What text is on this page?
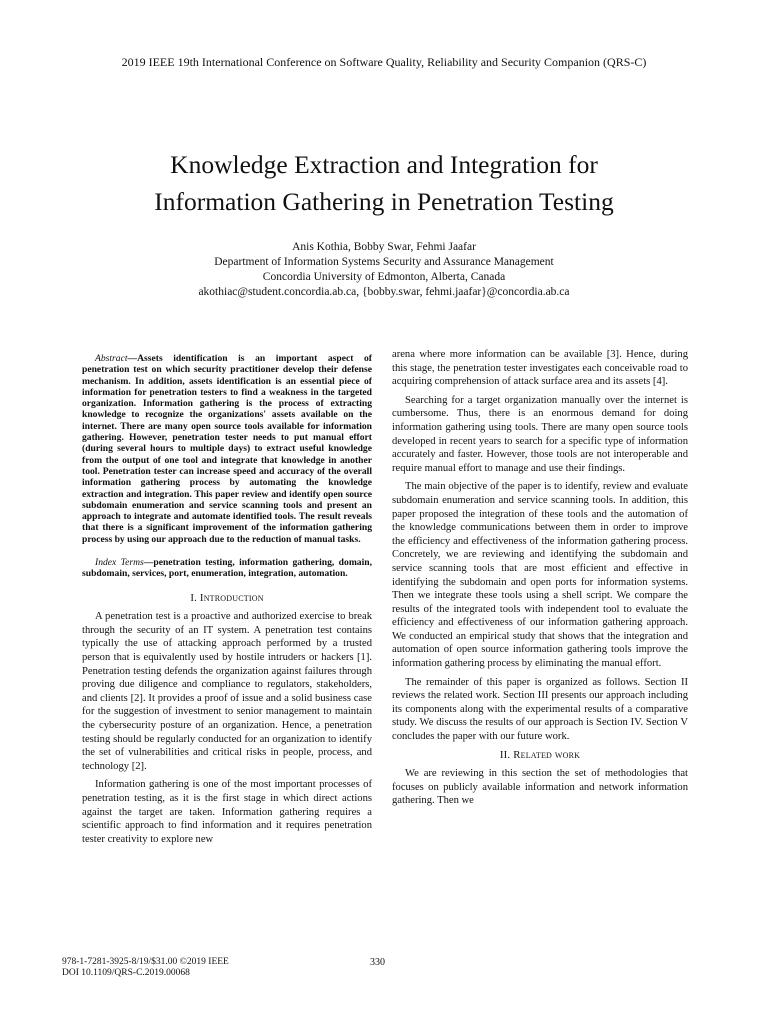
2019 IEEE 19th International Conference on Software Quality, Reliability and Security Companion (QRS-C)
Knowledge Extraction and Integration for
Information Gathering in Penetration Testing
Anis Kothia, Bobby Swar, Fehmi Jaafar
Department of Information Systems Security and Assurance Management
Concordia University of Edmonton, Alberta, Canada
akothiac@student.concordia.ab.ca, {bobby.swar, fehmi.jaafar}@concordia.ab.ca
Abstract—Assets identification is an important aspect of penetration test on which security practitioner develop their defense mechanism. In addition, assets identification is an essential piece of information for penetration testers to find a weakness in the targeted organization. Information gathering is the process of extracting knowledge to recognize the organizations' assets available on the internet. There are many open source tools available for information gathering. However, penetration tester needs to put manual effort (during several hours to multiple days) to extract useful knowledge from the output of one tool and integrate that knowledge in another tool. Penetration tester can increase speed and accuracy of the overall information gathering process by automating the knowledge extraction and integration. This paper review and identify open source subdomain enumeration and service scanning tools and present an approach to integrate and automate identified tools. The result reveals that there is a significant improvement of the information gathering process by using our approach due to the reduction of manual tasks.
Index Terms—penetration testing, information gathering, domain, subdomain, services, port, enumeration, integration, automation.
I. Introduction

A penetration test is a proactive and authorized exercise to break through the security of an IT system. A penetration test contains typically the use of attacking approach performed by a trusted person that is equivalently used by hostile intruders or hackers [1]. Penetration testing defends the organization against failures through proving due diligence and compliance to regulators, stakeholders, and clients [2]. It provides a proof of issue and a solid business case for the suggestion of investment to senior management to maintain the cybersecurity posture of an organization. Hence, a penetration testing should be regularly conducted for an organization to identify the set of vulnerabilities and critical risks in people, process, and technology [2].

Information gathering is one of the most important processes of penetration testing, as it is the first stage in which direct actions against the target are taken. Information gathering requires a scientific approach to find information and it requires penetration tester creativity to explore new

arena where more information can be available [3]. Hence, during this stage, the penetration tester investigates each conceivable road to acquiring comprehension of attack surface area and its assets [4].

Searching for a target organization manually over the internet is cumbersome. Thus, there is an enormous demand for doing information gathering using tools. There are many open source tools developed in recent years to search for a specific type of information accurately and faster. However, those tools are not interoperable and require manual effort to manage and use their findings.

The main objective of the paper is to identify, review and evaluate subdomain enumeration and service scanning tools. In addition, this paper proposed the integration of these tools and the automation of the knowledge communications between them in order to improve the efficiency and effectiveness of the information gathering process. Concretely, we are reviewing and identifying the subdomain and service scanning tools that are most efficient and effective in identifying the subdomain and open ports for information systems. Then we integrate these tools using a shell script. We compare the results of the integrated tools with independent tool to evaluate the efficiency and effectiveness of our information gathering approach. We conducted an empirical study that shows that the integration and automation of open source information gathering tools improve the information gathering process by eliminating the manual effort.

The remainder of this paper is organized as follows. Section II reviews the related work. Section III presents our approach including its components along with the experimental results of a comparative study. We discuss the results of our approach is Section IV. Section V concludes the paper with our future work.

II. Related work

We are reviewing in this section the set of methodologies that focuses on publicly available information and network information gathering. Then we

978-1-7281-3925-8/19/$31.00 ©2019 IEEE
DOI 10.1109/QRS-C.2019.00068
330
